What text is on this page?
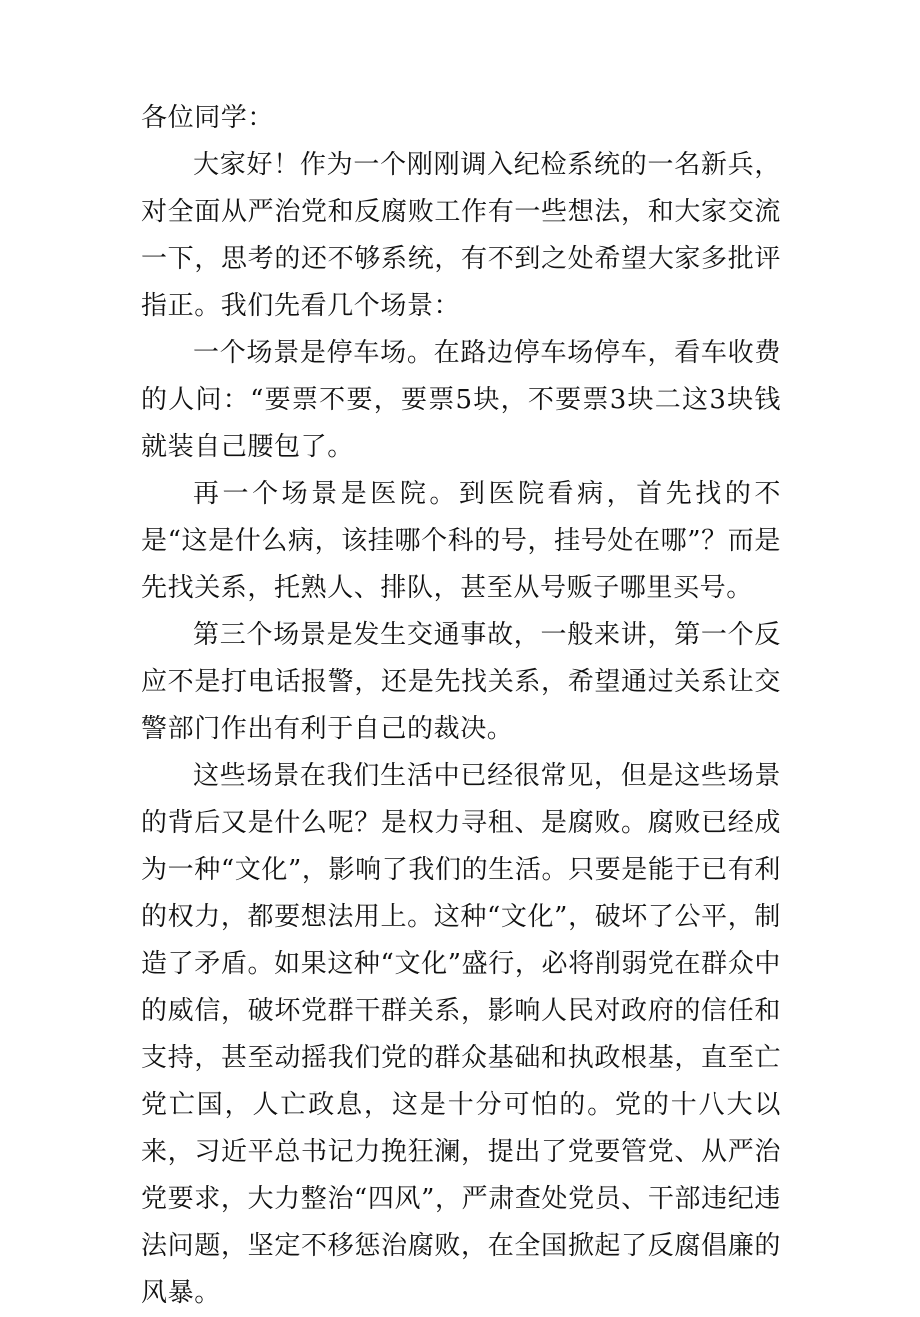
各位同学：

大家好！作为一个刚刚调入纪检系统的一名新兵，对全面从严治党和反腐败工作有一些想法，和大家交流一下，思考的还不够系统，有不到之处希望大家多批评指正。我们先看几个场景：

一个场景是停车场。在路边停车场停车，看车收费的人问：“要票不要，要票5块，不要票3块二这3块钱就装自己腰包了。

再一个场景是医院。到医院看病，首先找的不是“这是什么病，该挂哪个科的号，挂号处在哪”？而是先找关系，托熟人、排队，甚至从号贩子哪里买号。

第三个场景是发生交通事故，一般来讲，第一个反应不是打电话报警，还是先找关系，希望通过关系让交警部门作出有利于自己的裁决。

这些场景在我们生活中已经很常见，但是这些场景的背后又是什么呢？是权力寻租、是腐败。腐败已经成为一种“文化”，影响了我们的生活。只要是能于已有利的权力，都要想法用上。这种“文化”，破坏了公平，制造了矛盾。如果这种“文化”盛行，必将削弱党在群众中的威信，破坏党群干群关系，影响人民对政府的信任和支持，甚至动摇我们党的群众基础和执政根基，直至亡党亡国，人亡政息，这是十分可怕的。党的十八大以来，习近平总书记力挽狂澜，提出了党要管党、从严治党要求，大力整治“四风”，严肃查处党员、干部违纪违法问题，坚定不移惩治腐败，在全国掀起了反腐倡廉的风暴。
